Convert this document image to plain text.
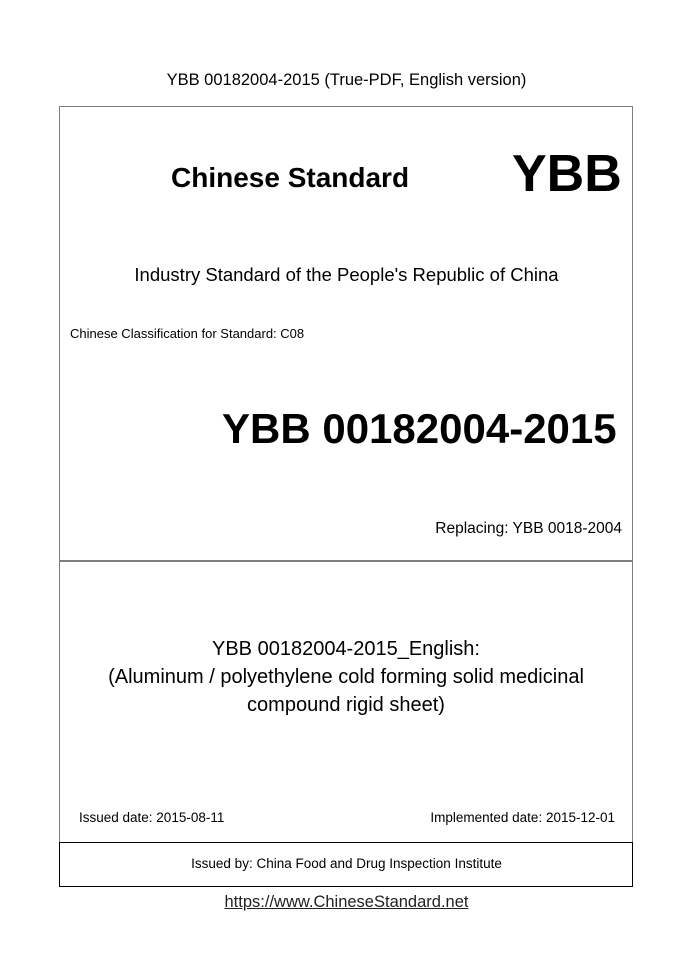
YBB 00182004-2015 (True-PDF, English version)
Chinese Standard YBB
Industry Standard of the People's Republic of China
Chinese Classification for Standard: C08
YBB 00182004-2015
Replacing: YBB 0018-2004
YBB 00182004-2015_English:
(Aluminum / polyethylene cold forming solid medicinal
compound rigid sheet)
Issued date: 2015-08-11	Implemented date: 2015-12-01
Issued by: China Food and Drug Inspection Institute
https://www.ChineseStandard.net
